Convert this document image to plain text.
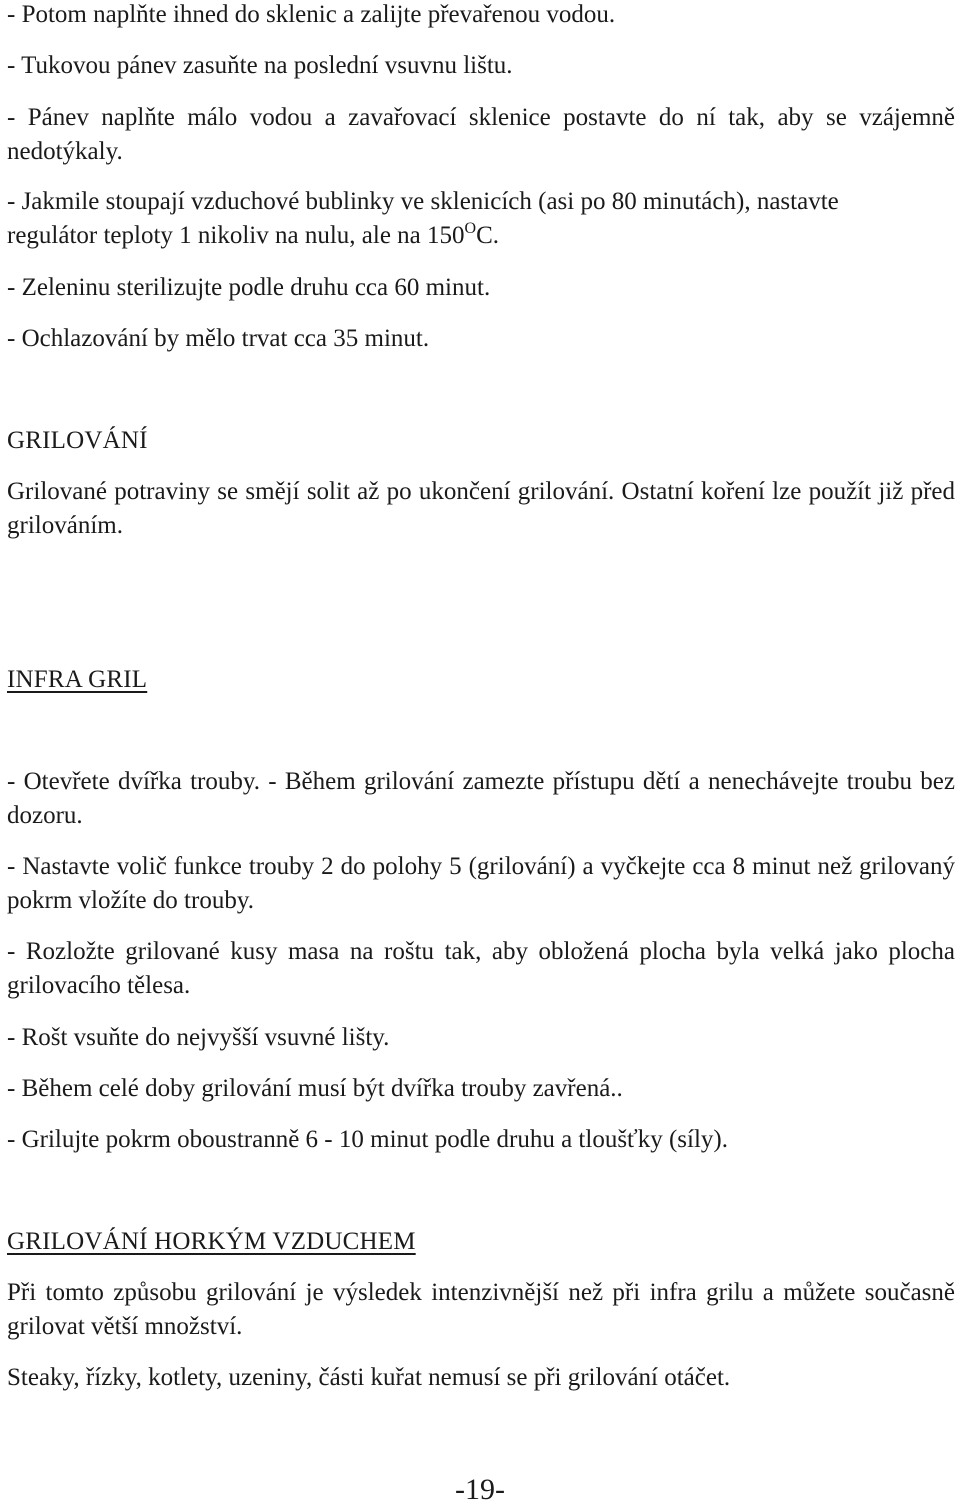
- Potom naplňte ihned do sklenic a zalijte převařenou vodou.

- Tukovou pánev zasuňte na poslední vsuvnu lištu.

- Pánev naplňte málo vodou a zavařovací sklenice postavte do ní tak, aby se vzájemně nedotýkaly.

- Jakmile stoupají vzduchové bublinky ve sklenicích (asi po 80 minutách), nastavte
regulátor teploty 1 nikoliv na nulu, ale na $150^OC$.

- Zeleninu sterilizujte podle druhu cca 60 minut.

- Ochlazování by mělo trvat cca 35 minut.

GRILOVÁNÍ

Grilované potraviny se smějí solit až po ukončení grilování. Ostatní koření lze použít již před grilováním.

INFRA GRIL

- Otevřete dvířka trouby. - Během grilování zamezte přístupu dětí a nenechávejte troubu bez dozoru.

- Nastavte volič funkce trouby 2 do polohy 5 (grilování) a vyčkejte cca 8 minut než grilovaný pokrm vložíte do trouby.

- Rozložte grilované kusy masa na roštu tak, aby obložená plocha byla velká jako plocha grilovacího tělesa.

- Rošt vsuňte do nejvyšší vsuvné lišty.

- Během celé doby grilování musí být dvířka trouby zavřená..

- Grilujte pokrm oboustranně 6 - 10 minut podle druhu a tloušťky (síly).

GRILOVÁNÍ HORKÝM VZDUCHEM

Při tomto způsobu grilování je výsledek intenzivnější než při infra grilu a můžete současně grilovat větší množství.

Steaky, řízky, kotlety, uzeniny, části kuřat nemusí se při grilování otáčet.

-19-
